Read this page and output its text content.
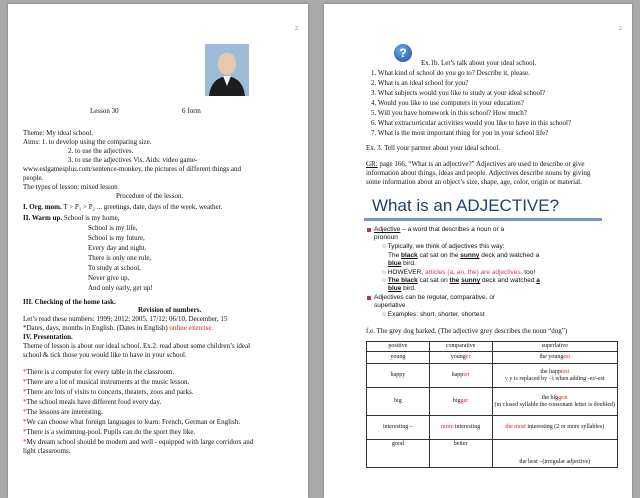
2
Lesson 30	6 form
Theme: My ideal school.
Aims: 1. to develop using the comparing size.
2. to use the adjectives.
3. to use the adjectives Vis. Aids: video game-
www.eslgamesplus.com/sentence-monkey, the pictures of different things and
people.
The types of lesson: mixed lesson
Procedure of the lesson.
I. Org. mom. T > P₁ > P₂ ... greetings, date, days of the week, weather.
II. Warm up. School is my home,
School is my life,
School is my future,
Every day and night.
There is only one rule,
To study at school,
Never give up,
And only early, get up!
III. Checking of the home task.
Revision of numbers.
Let’s read these numbers: 1999; 2012; 2005, 17/12; 06/10, December, 15
*Dates, days, months in English. (Dates in English) online exercise.
IV. Presentation.
Theme of lesson is about our ideal school. Ex.2. read about some children’s ideal
school & tick those you would like to have in your school.
*There is a computer for every table in the classroom.
*There are a lot of musical instruments at the music lesson.
*There are lots of visits to concerts, theaters, zoos and parks.
*The school meals have different food every day.
*The lessons are interesting.
*We can choose what foreign languages to learn: French, German or English.
*There is a swimming-pool. Pupils can do the sport they like.
*My dream school should be modern and well - equipped with large corridors and
light classrooms.
2
?
Ex.1b. Let’s talk about your ideal school.
1. What kind of school do you go to? Describe it, please.
2. What is an ideal school for you?
3. What subjects would you like to study at your ideal school?
4. Would you like to use computers in your education?
5. Will you have homework in this school? How much?
6. What extracurricular activities would you like to have in this school?
7. What is the most important thing for you in your school life?
Ex. 3. Tell your partner about your ideal school.
GR: page 166. “What is an adjective?” Adjectives are used to describe or give
information about things, ideas and people. Adjectives describe nouns by giving
some information about an object’s size, shape, age, color, origin or material.
What is an ADJECTIVE?
Adjective – a word that describes a noun or a
pronoun
○ Typically, we think of adjectives this way:
The black cat sat on the sunny deck and watched a
blue bird.
○ HOWEVER, articles (a, an, the) are adjectives, too!
○ The black cat sat on the sunny deck and watched a
blue bird.
Adjectives can be regular, comparative, or
superlative
○ Examples: short, shorter, shortest
f.e. The grey dog barked. (The adjective grey describes the noun “dog”)
positive	comparative	superlative
young	younger	the youngest
happy	happier	the happiest
y y is replaced by - i when adding -er/-est
big	bigger	the biggest
(in closed syllable the consonant letter is doubled)
interesting –	more interesting	the most interesting (2 or more syllables)
good	better	the best –(irregular adjective)
